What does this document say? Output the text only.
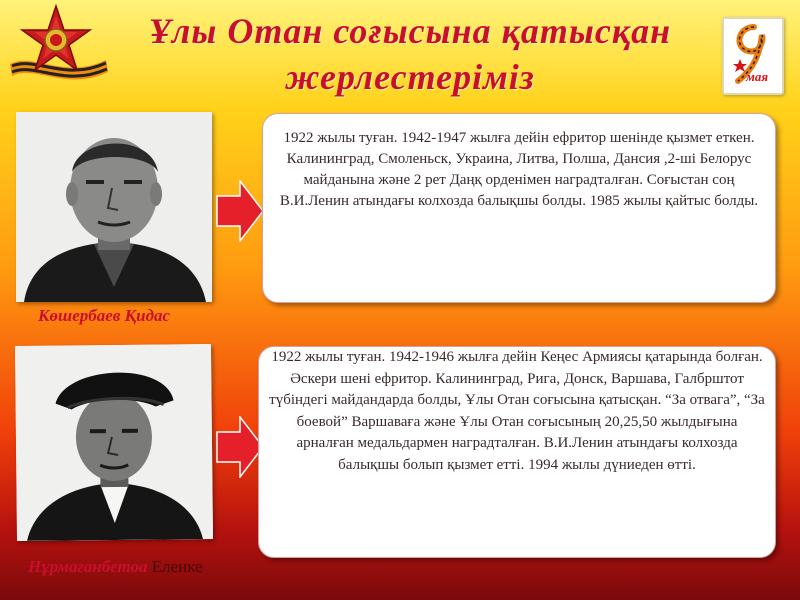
Ұлы Отан соғысына қатысқан
жерлестеріміз	мая
Көшербаев Қидас
1922 жылы туған. 1942-1947 жылға дейін ефритор шенінде қызмет еткен. Калининград, Смоленьск, Украина, Литва, Полша, Дансия ,2-ші Белорус майданына және 2 рет Даңқ орденімен наградталған. Соғыстан соң В.И.Ленин атындағы колхозда балықшы болды. 1985 жылы қайтыс болды.
Нұрмағанбетоа Еленке
1922 жылы туған. 1942-1946 жылға дейін Кеңес Армиясы қатарында болған. Әскери шені ефритор. Калининград, Рига, Донск, Варшава, Галбрштот түбіндегі майдандарда болды, Ұлы Отан соғысына қатысқан. “За отвага”, “За боевой” Варшаваға және Ұлы Отан соғысының 20,25,50 жылдығына арналған медальдармен наградталған. В.И.Ленин атындағы колхозда балықшы болып қызмет етті. 1994 жылы дүниеден өтті.
